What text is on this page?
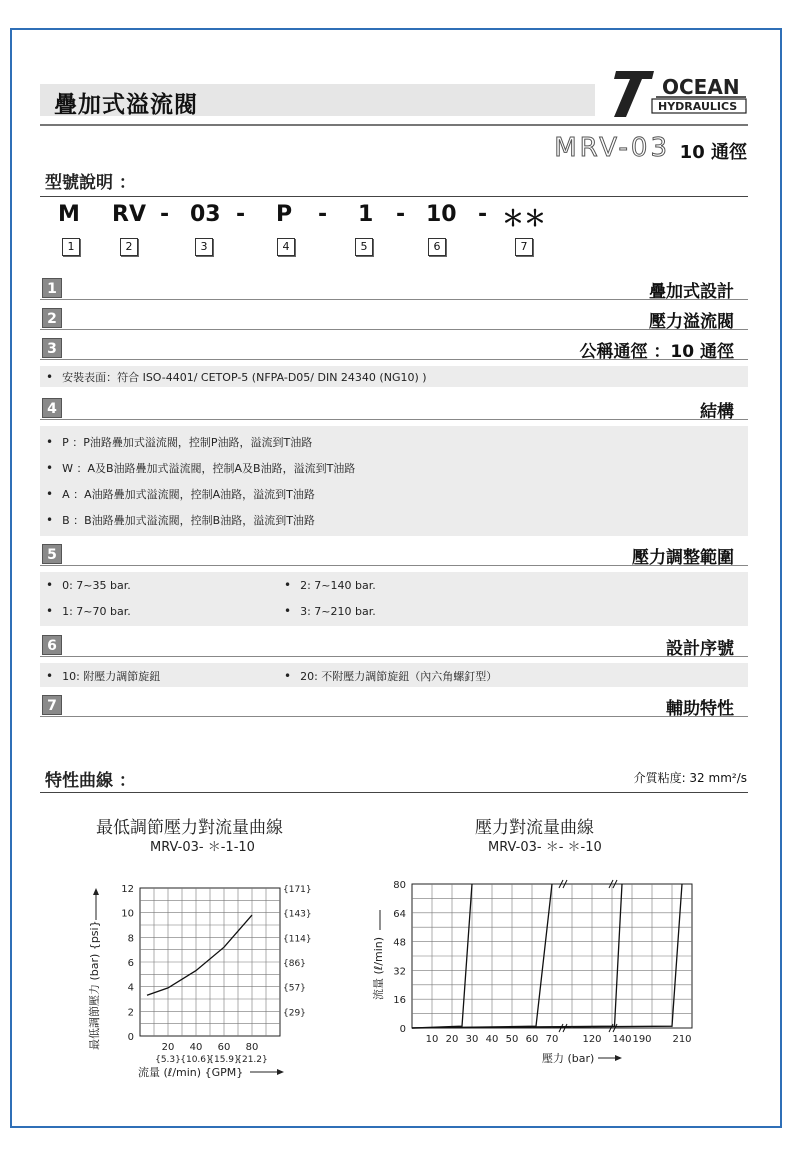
疊加式溢流閥
OCEAN
HYDRAULICS
MRV-03 10 通徑
型號說明 ：
M RV - 03 - P - 1 - 10 - ＊＊
1	2	3	4	5	6	7
1	疊加式設計
2	壓力溢流閥
3	公稱通徑 ：10 通徑
• 安裝表面：符合 ISO-4401/ CETOP-5 (NFPA-D05/ DIN 24340 (NG10) )
4	結構
• P ：P油路疊加式溢流閥，控制P油路，溢流到T油路
• W ：A及B油路疊加式溢流閥，控制A及B油路，溢流到T油路
• A ：A油路疊加式溢流閥，控制A油路，溢流到T油路
• B ：B油路疊加式溢流閥，控制B油路，溢流到T油路
5	壓力調整範圍
• 0: 7~35 bar.
• 1: 7~70 bar.
• 2: 7~140 bar.
• 3: 7~210 bar.
6	設計序號
• 10: 附壓力調節旋鈕
•	20: 不附壓力調節旋鈕（內六角螺釘型）
7	輔助特性
特性曲線 ：	介質粘度: 32 mm²/s
最低調節壓力對流量曲線
MRV-03- ＊-1-10
壓力對流量曲線
MRV-03- ＊- ＊-10
0
2
4
6
8
10
12
{29}
{57}
{86}
{114}
{143}
{171}
20 40 60 80
{5.3} {10.6}
{15.9}
{21.2}
最低調節壓力 (bar) {psi}
流量 (ℓ/min) {GPM}
0
16
32
48
64
80
10 20 30 40 50 60 70 120 140 190 210
流量 (ℓ/min)
壓力 (bar)
